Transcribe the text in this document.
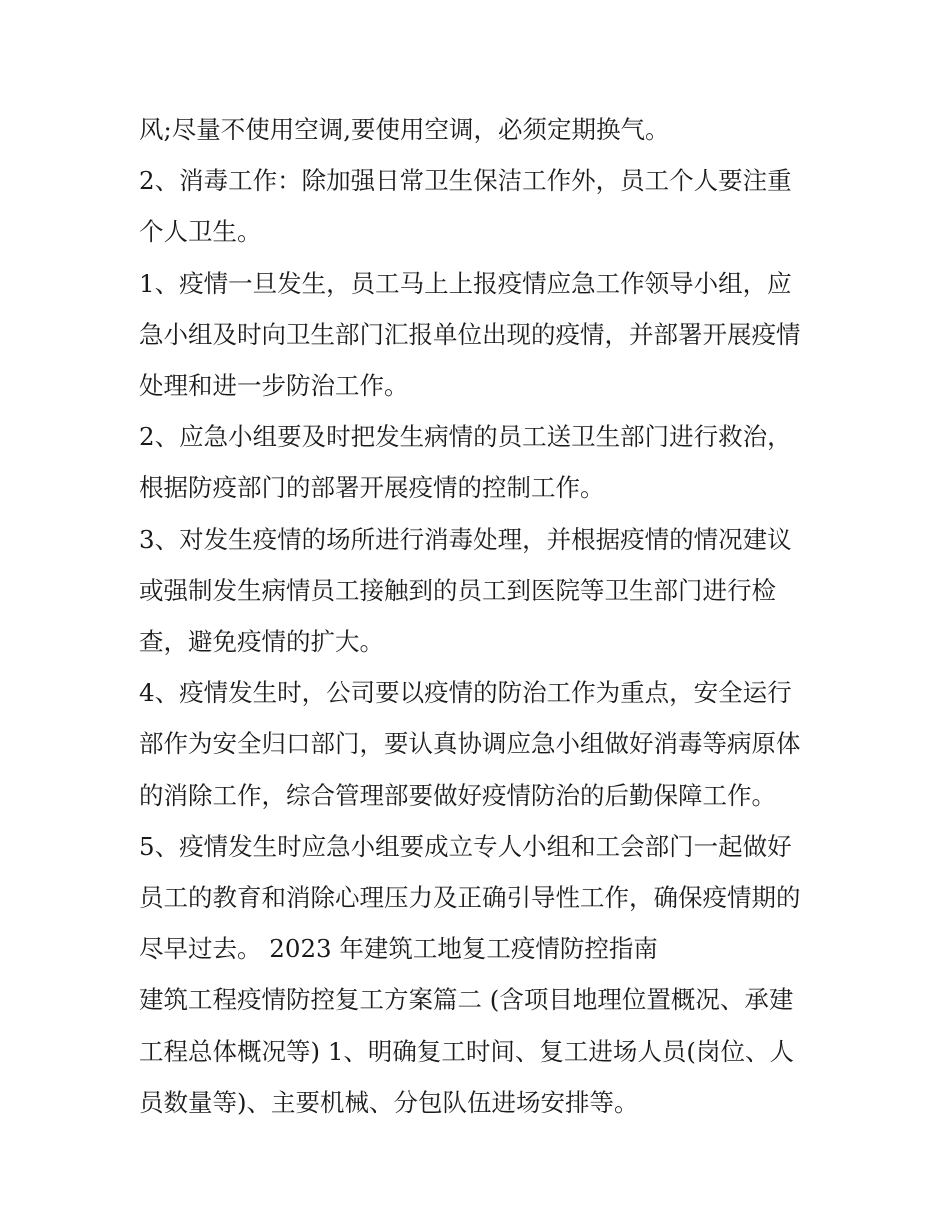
风;尽量不使用空调,要使用空调，必须定期换气。

2、消毒工作：除加强日常卫生保洁工作外，员工个人要注重

个人卫生。

1、疫情一旦发生，员工马上上报疫情应急工作领导小组，应

急小组及时向卫生部门汇报单位出现的疫情，并部署开展疫情

处理和进一步防治工作。

2、应急小组要及时把发生病情的员工送卫生部门进行救治，

根据防疫部门的部署开展疫情的控制工作。

3、对发生疫情的场所进行消毒处理，并根据疫情的情况建议

或强制发生病情员工接触到的员工到医院等卫生部门进行检

查，避免疫情的扩大。

4、疫情发生时，公司要以疫情的防治工作为重点，安全运行

部作为安全归口部门，要认真协调应急小组做好消毒等病原体

的消除工作，综合管理部要做好疫情防治的后勤保障工作。

5、疫情发生时应急小组要成立专人小组和工会部门一起做好

员工的教育和消除心理压力及正确引导性工作，确保疫情期的

尽早过去。 2023 年建筑工地复工疫情防控指南

建筑工程疫情防控复工方案篇二 (含项目地理位置概况、承建

工程总体概况等) 1、明确复工时间、复工进场人员(岗位、人

员数量等)、主要机械、分包队伍进场安排等。
